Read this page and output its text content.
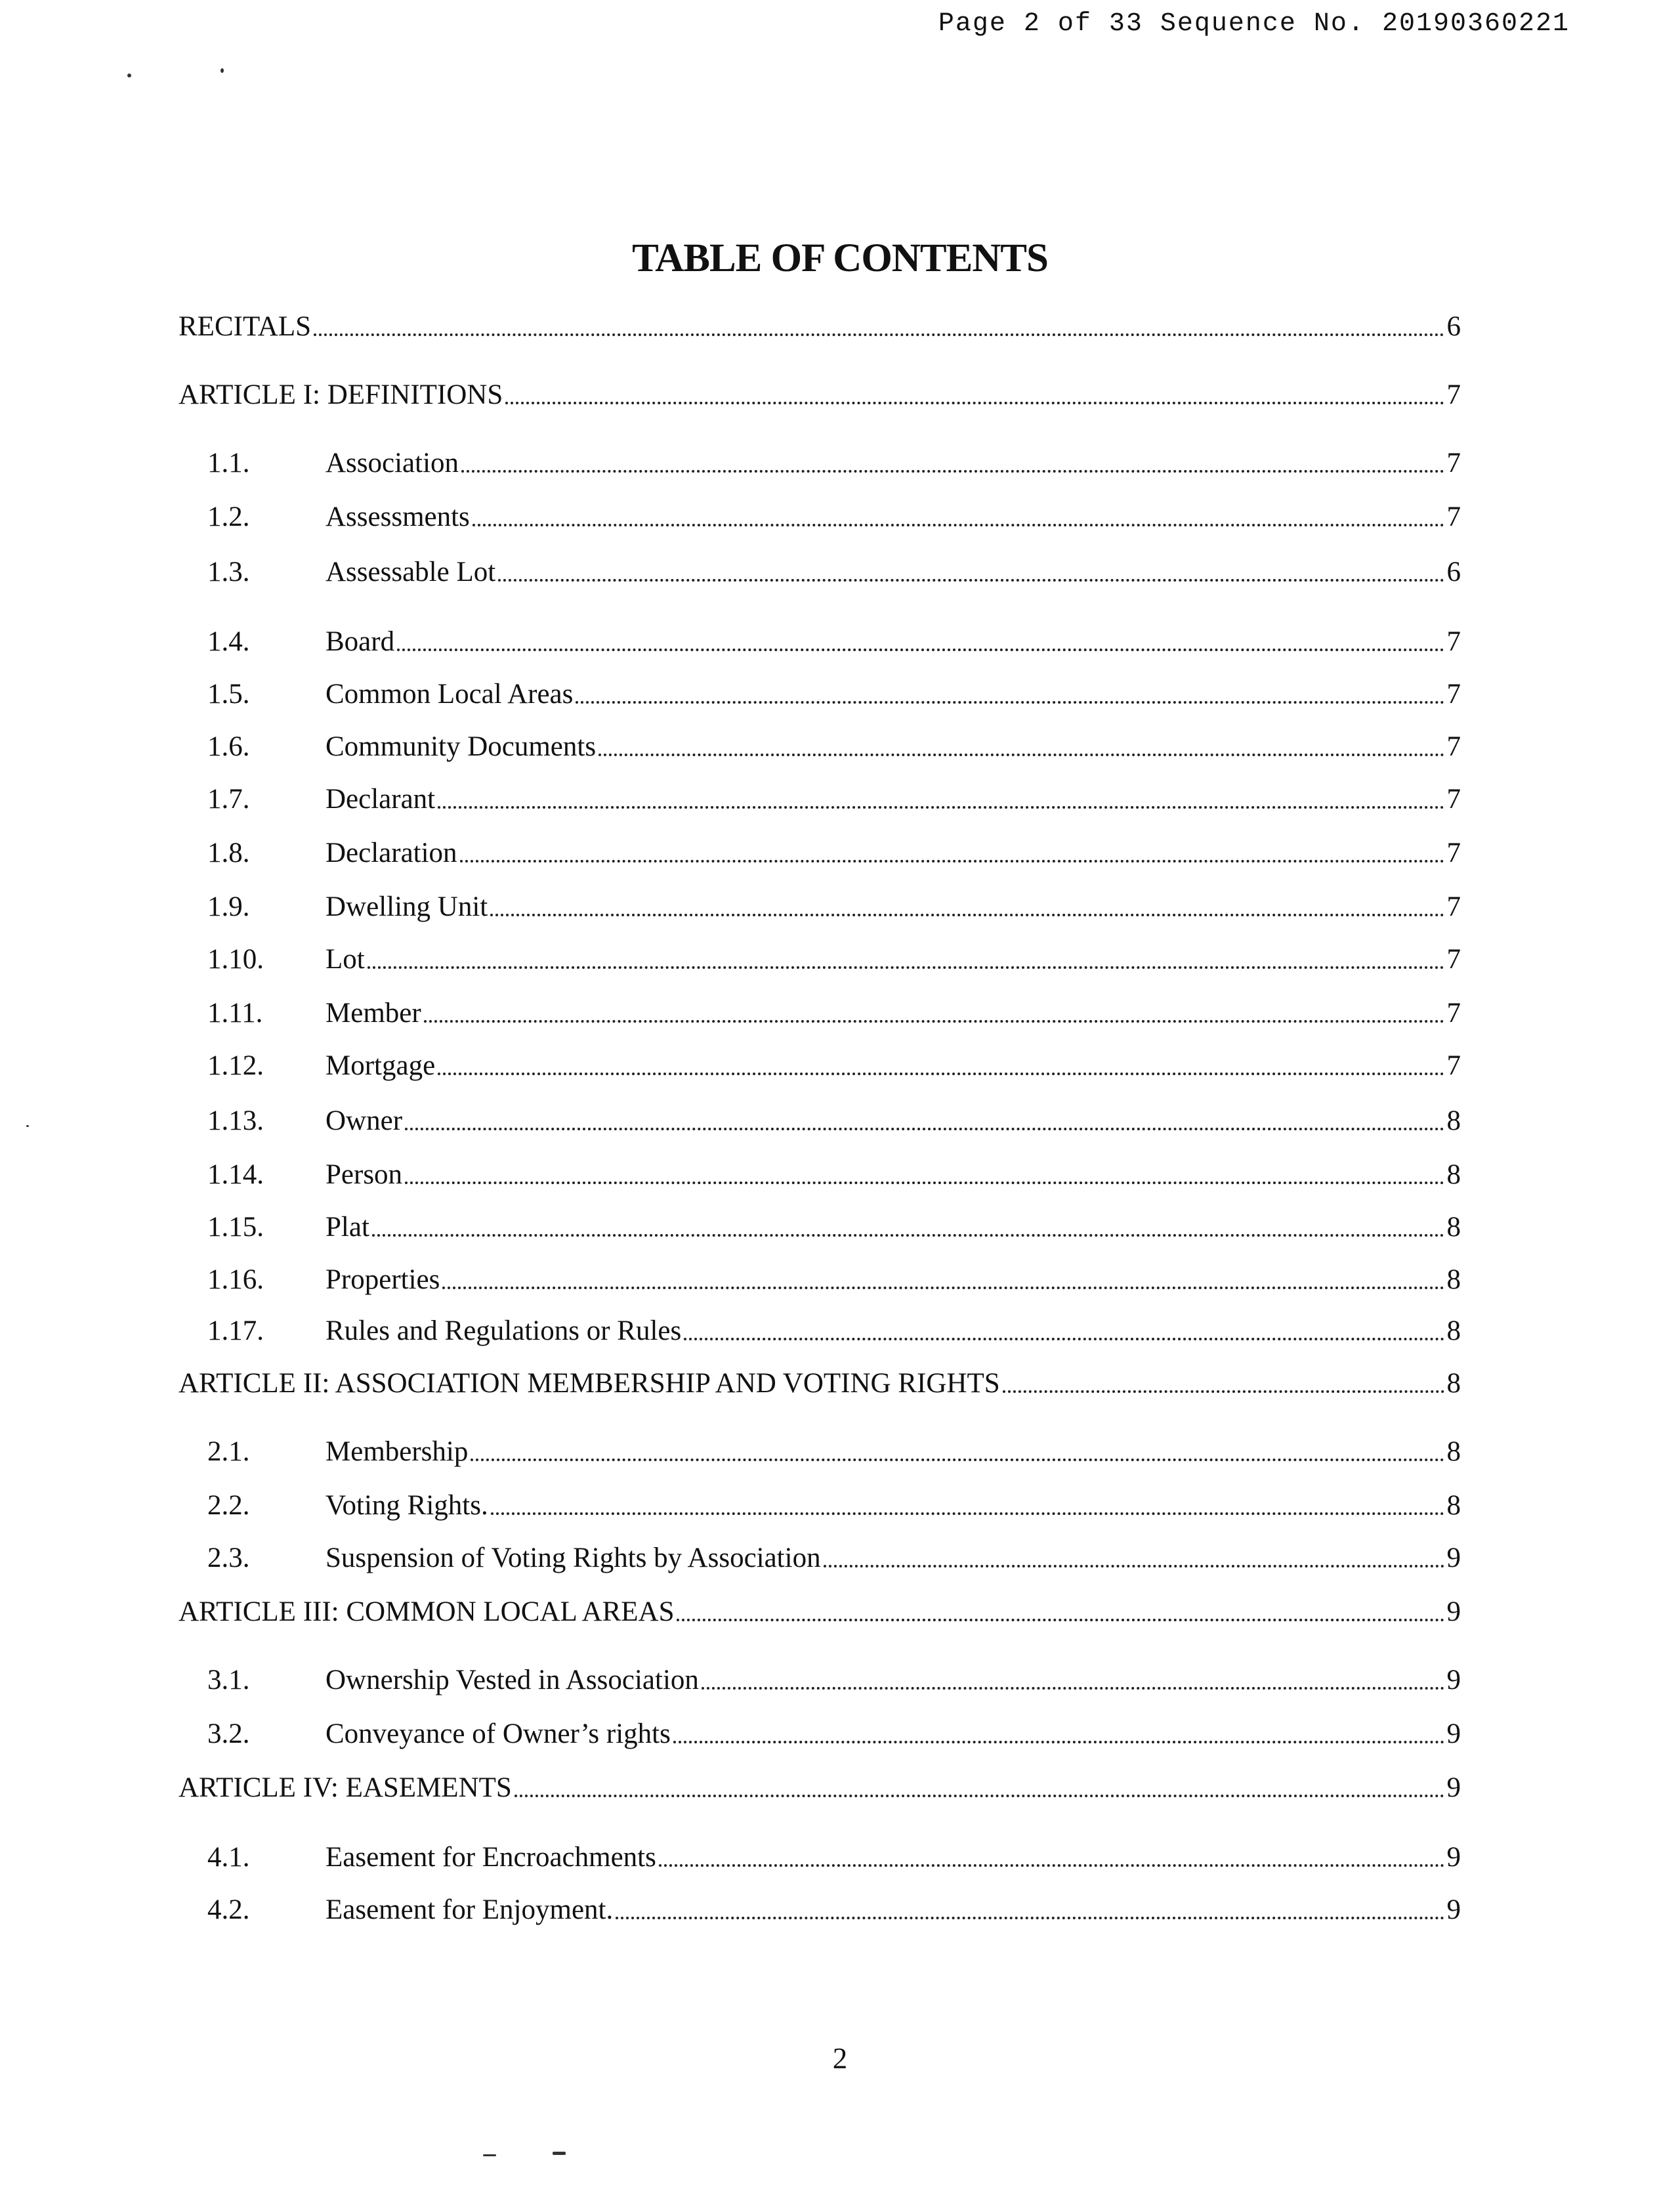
Page 2 of 33 Sequence No. 20190360221
TABLE OF CONTENTS
RECITALS	6
ARTICLE I: DEFINITIONS	7
1.1.	Association	7
1.2.	Assessments	7
1.3.	Assessable Lot	6
1.4.	Board	7
1.5.	Common Local Areas	7
1.6.	Community Documents	7
1.7.	Declarant	7
1.8.	Declaration	7
1.9.	Dwelling Unit	7
1.10. Lot	7
1.11. Member	7
1.12. Mortgage	7
1.13. Owner	8
1.14. Person	8
1.15. Plat	8
1.16. Properties	8
1.17. Rules and Regulations or Rules	8
ARTICLE II: ASSOCIATION MEMBERSHIP AND VOTING RIGHTS	8
2.1.	Membership	8
2.2.	Voting Rights.	8
2.3.	Suspension of Voting Rights by Association	9
ARTICLE III: COMMON LOCAL AREAS	9
3.1.	Ownership Vested in Association	9
3.2.	Conveyance of Owner’s rights	9
ARTICLE IV: EASEMENTS	9
4.1.	Easement for Encroachments	9
4.2.	Easement for Enjoyment.	9
2
